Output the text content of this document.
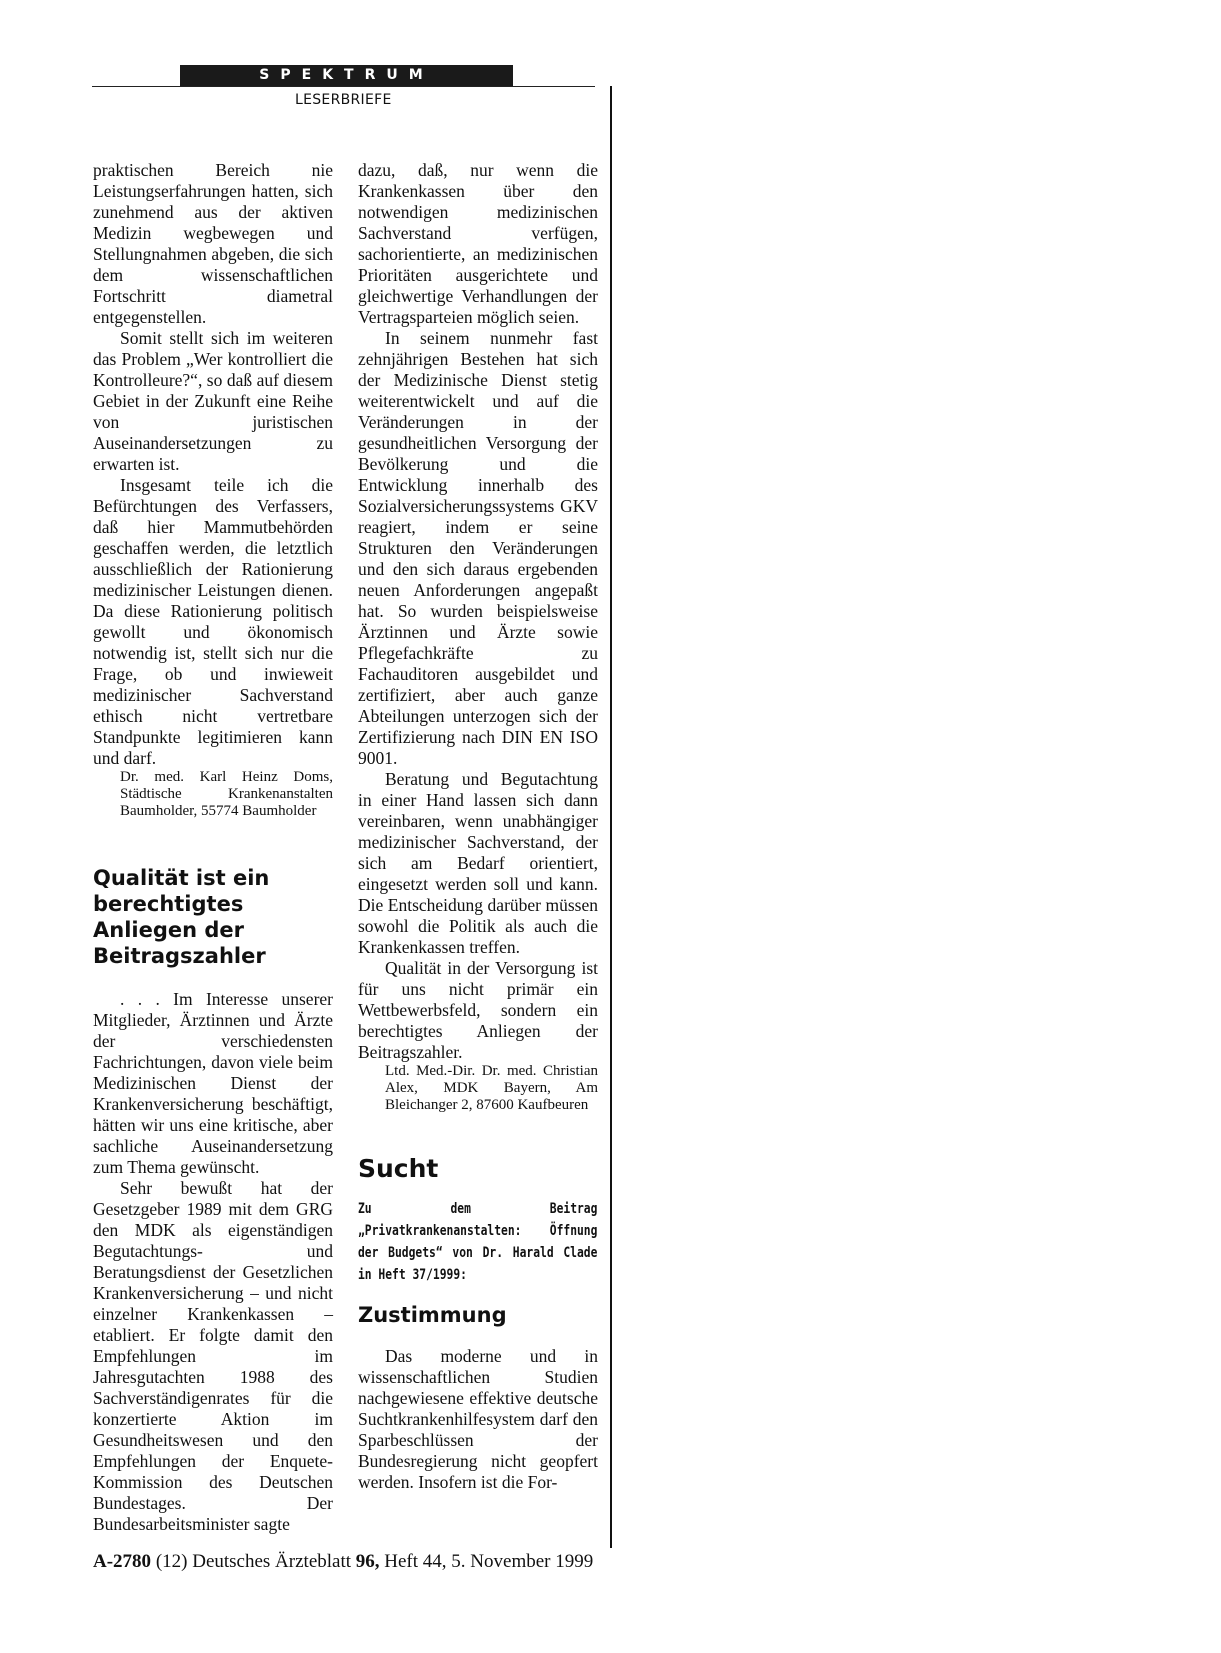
SPEKTRUM
LESERBRIEFE

praktischen Bereich nie Leistungserfahrungen hatten, sich zunehmend aus der aktiven Medizin wegbewegen und Stellungnahmen abgeben, die sich dem wissenschaftlichen Fortschritt diametral entgegenstellen.

Somit stellt sich im weiteren das Problem „Wer kontrolliert die Kontrolleure?“, so daß auf diesem Gebiet in der Zukunft eine Reihe von juristischen Auseinandersetzungen zu erwarten ist.

Insgesamt teile ich die Befürchtungen des Verfassers, daß hier Mammutbehörden geschaffen werden, die letztlich ausschließlich der Rationierung medizinischer Leistungen dienen. Da diese Rationierung politisch gewollt und ökonomisch notwendig ist, stellt sich nur die Frage, ob und inwieweit medizinischer Sachverstand ethisch nicht vertretbare Standpunkte legitimieren kann und darf.

Dr. med. Karl Heinz Doms, Städtische Krankenanstalten Baumholder, 55774 Baumholder

Qualität ist ein berechtigtes Anliegen der Beitragszahler

. . . Im Interesse unserer Mitglieder, Ärztinnen und Ärzte der verschiedensten Fachrichtungen, davon viele beim Medizinischen Dienst der Krankenversicherung beschäftigt, hätten wir uns eine kritische, aber sachliche Auseinandersetzung zum Thema gewünscht.

Sehr bewußt hat der Gesetzgeber 1989 mit dem GRG den MDK als eigenständigen Begutachtungs- und Beratungsdienst der Gesetzlichen Krankenversicherung – und nicht einzelner Krankenkassen – etabliert. Er folgte damit den Empfehlungen im Jahresgutachten 1988 des Sachverständigenrates für die konzertierte Aktion im Gesundheitswesen und den Empfehlungen der Enquete-Kommission des Deutschen Bundestages. Der Bundesarbeitsminister sagte

dazu, daß, nur wenn die Krankenkassen über den notwendigen medizinischen Sachverstand verfügen, sachorientierte, an medizinischen Prioritäten ausgerichtete und gleichwertige Verhandlungen der Vertragsparteien möglich seien.

In seinem nunmehr fast zehnjährigen Bestehen hat sich der Medizinische Dienst stetig weiterentwickelt und auf die Veränderungen in der gesundheitlichen Versorgung der Bevölkerung und die Entwicklung innerhalb des Sozialversicherungssystems GKV reagiert, indem er seine Strukturen den Veränderungen und den sich daraus ergebenden neuen Anforderungen angepaßt hat. So wurden beispielsweise Ärztinnen und Ärzte sowie Pflegefachkräfte zu Fachauditoren ausgebildet und zertifiziert, aber auch ganze Abteilungen unterzogen sich der Zertifizierung nach DIN EN ISO 9001.

Beratung und Begutachtung in einer Hand lassen sich dann vereinbaren, wenn unabhängiger medizinischer Sachverstand, der sich am Bedarf orientiert, eingesetzt werden soll und kann. Die Entscheidung darüber müssen sowohl die Politik als auch die Krankenkassen treffen.

Qualität in der Versorgung ist für uns nicht primär ein Wettbewerbsfeld, sondern ein berechtigtes Anliegen der Beitragszahler.

Ltd. Med.-Dir. Dr. med. Christian Alex, MDK Bayern, Am Bleichanger 2, 87600 Kaufbeuren

Sucht

Zu dem Beitrag „Privatkrankenanstalten: Öffnung der Budgets“ von Dr. Harald Clade in Heft 37/1999:

Zustimmung

Das moderne und in wissenschaftlichen Studien nachgewiesene effektive deutsche Suchtkrankenhilfesystem darf den Sparbeschlüssen der Bundesregierung nicht geopfert werden. Insofern ist die For-

A-2780 (12) Deutsches Ärzteblatt 96, Heft 44, 5. November 1999
